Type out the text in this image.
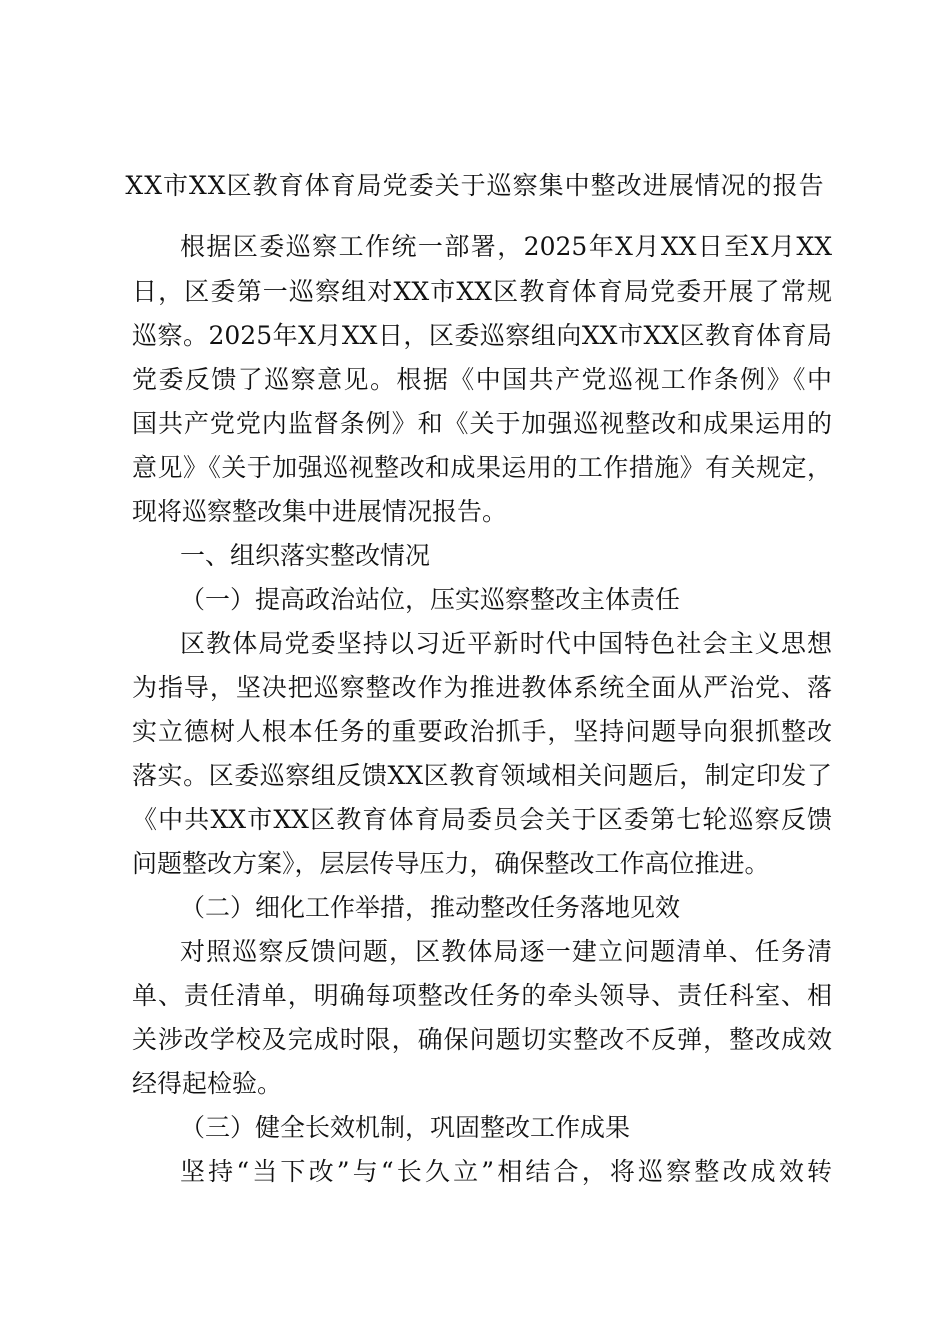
XX市XX区教育体育局党委关于巡察集中整改进展情况的报告
根据区委巡察工作统一部署，2025年X月XX日至X月XX
日，区委第一巡察组对XX市XX区教育体育局党委开展了常规
巡察。2025年X月XX日，区委巡察组向XX市XX区教育体育局
党委反馈了巡察意见。根据《中国共产党巡视工作条例》《中
国共产党党内监督条例》和《关于加强巡视整改和成果运用的
意见》《关于加强巡视整改和成果运用的工作措施》有关规定，
现将巡察整改集中进展情况报告。
一、组织落实整改情况
（一）提高政治站位，压实巡察整改主体责任
区教体局党委坚持以习近平新时代中国特色社会主义思想
为指导，坚决把巡察整改作为推进教体系统全面从严治党、落
实立德树人根本任务的重要政治抓手，坚持问题导向狠抓整改
落实。区委巡察组反馈XX区教育领域相关问题后，制定印发了
《中共XX市XX区教育体育局委员会关于区委第七轮巡察反馈
问题整改方案》，层层传导压力，确保整改工作高位推进。
（二）细化工作举措，推动整改任务落地见效
对照巡察反馈问题，区教体局逐一建立问题清单、任务清
单、责任清单，明确每项整改任务的牵头领导、责任科室、相
关涉改学校及完成时限，确保问题切实整改不反弹，整改成效
经得起检验。
（三）健全长效机制，巩固整改工作成果
坚持“当下改”与“长久立”相结合，将巡察整改成效转
